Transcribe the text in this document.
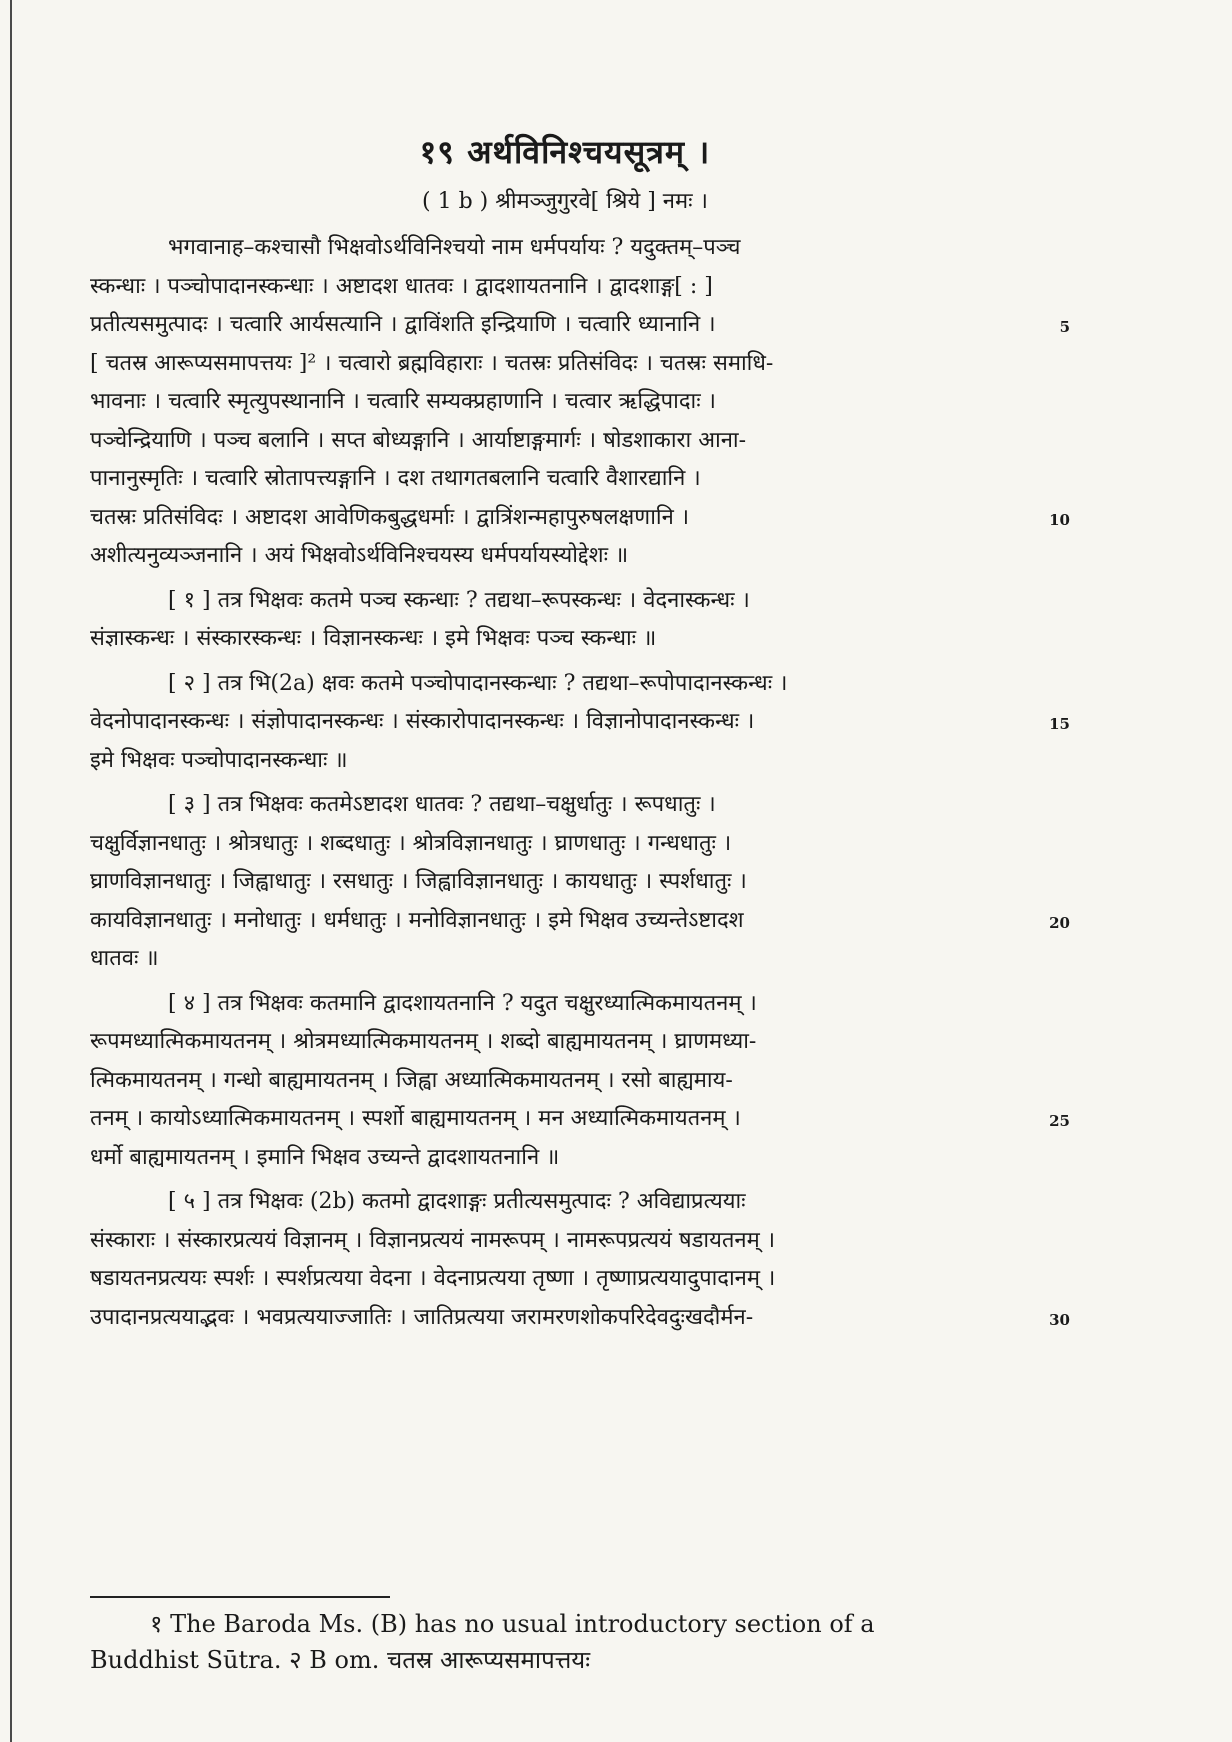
१९ अर्थविनिश्चयसूत्रम् ।
( 1 b ) श्रीमञ्जुगुरवे[ श्रिये ] नमः ।
भगवानाह–कश्चासौ भिक्षवोऽर्थविनिश्चयो नाम धर्मपर्यायः ? यदुक्तम्–पञ्च
स्कन्धाः । पञ्चोपादानस्कन्धाः । अष्टादश धातवः । द्वादशायतनानि । द्वादशाङ्ग[ : ]
प्रतीत्यसमुत्पादः । चत्वारि आर्यसत्यानि । द्वाविंशति इन्द्रियाणि । चत्वारि ध्यानानि ।	5
[ चतस्र आरूप्यसमापत्तयः ]² । चत्वारो ब्रह्मविहाराः । चतस्रः प्रतिसंविदः । चतस्रः समाधि-
भावनाः । चत्वारि स्मृत्युपस्थानानि । चत्वारि सम्यक्प्रहाणानि । चत्वार ऋद्धिपादाः ।
पञ्चेन्द्रियाणि । पञ्च बलानि । सप्त बोध्यङ्गानि । आर्याष्टाङ्गमार्गः । षोडशाकारा आना-
पानानुस्मृतिः । चत्वारि स्रोतापत्त्यङ्गानि । दश तथागतबलानि चत्वारि वैशारद्यानि ।
चतस्रः प्रतिसंविदः । अष्टादश आवेणिकबुद्धधर्माः । द्वात्रिंशन्महापुरुषलक्षणानि ।	10
अशीत्यनुव्यञ्जनानि । अयं भिक्षवोऽर्थविनिश्चयस्य धर्मपर्यायस्योद्देशः ॥
[ १ ] तत्र भिक्षवः कतमे पञ्च स्कन्धाः ? तद्यथा–रूपस्कन्धः । वेदनास्कन्धः ।
संज्ञास्कन्धः । संस्कारस्कन्धः । विज्ञानस्कन्धः । इमे भिक्षवः पञ्च स्कन्धाः ॥
[ २ ] तत्र भि(2a) क्षवः कतमे पञ्चोपादानस्कन्धाः ? तद्यथा–रूपोपादानस्कन्धः ।
वेदनोपादानस्कन्धः । संज्ञोपादानस्कन्धः । संस्कारोपादानस्कन्धः । विज्ञानोपादानस्कन्धः ।	15
इमे भिक्षवः पञ्चोपादानस्कन्धाः ॥
[ ३ ] तत्र भिक्षवः कतमेऽष्टादश धातवः ? तद्यथा–चक्षुर्धातुः । रूपधातुः ।
चक्षुर्विज्ञानधातुः । श्रोत्रधातुः । शब्दधातुः । श्रोत्रविज्ञानधातुः । घ्राणधातुः । गन्धधातुः ।
घ्राणविज्ञानधातुः । जिह्वाधातुः । रसधातुः । जिह्वाविज्ञानधातुः । कायधातुः । स्पर्शधातुः ।
कायविज्ञानधातुः । मनोधातुः । धर्मधातुः । मनोविज्ञानधातुः । इमे भिक्षव उच्यन्तेऽष्टादश	20
धातवः ॥
[ ४ ] तत्र भिक्षवः कतमानि द्वादशायतनानि ? यदुत चक्षुरध्यात्मिकमायतनम् ।
रूपमध्यात्मिकमायतनम् । श्रोत्रमध्यात्मिकमायतनम् । शब्दो बाह्यमायतनम् । घ्राणमध्या-
त्मिकमायतनम् । गन्धो बाह्यमायतनम् । जिह्वा अध्यात्मिकमायतनम् । रसो बाह्यमाय-
तनम् । कायोऽध्यात्मिकमायतनम् । स्पर्शो बाह्यमायतनम् । मन अध्यात्मिकमायतनम् ।	25
धर्मो बाह्यमायतनम् । इमानि भिक्षव उच्यन्ते द्वादशायतनानि ॥
[ ५ ] तत्र भिक्षवः (2b) कतमो द्वादशाङ्गः प्रतीत्यसमुत्पादः ? अविद्याप्रत्ययाः
संस्काराः । संस्कारप्रत्ययं विज्ञानम् । विज्ञानप्रत्ययं नामरूपम् । नामरूपप्रत्ययं षडायतनम् ।
षडायतनप्रत्ययः स्पर्शः । स्पर्शप्रत्यया वेदना । वेदनाप्रत्यया तृष्णा । तृष्णाप्रत्ययादुपादानम् ।
उपादानप्रत्ययाद्भवः । भवप्रत्ययाज्जातिः । जातिप्रत्यया जरामरणशोकपरिदेवदुःखदौर्मन-	30
१ The Baroda Ms. (B) has no usual introductory section of a
Buddhist Sūtra. २ B om. चतस्र आरूप्यसमापत्तयः
